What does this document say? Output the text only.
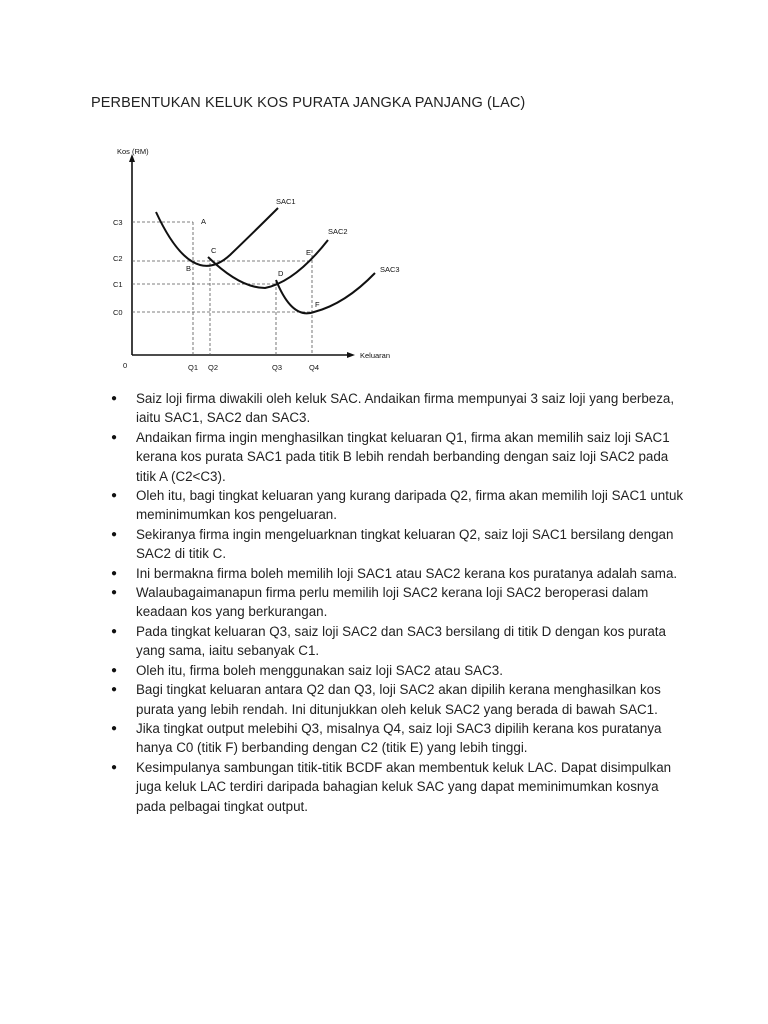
PERBENTUKAN KELUK KOS PURATA JANGKA PANJANG (LAC)
Kos (RM)
Keluaran
0
C3
C2
C1
C0
Q1 Q2	Q3	Q4
SAC1
SAC2
SAC3
A
B
C
D
E
F
● Saiz loji firma diwakili oleh keluk SAC. Andaikan firma mempunyai 3 saiz loji yang berbeza, iaitu SAC1, SAC2 dan SAC3.
● Andaikan firma ingin menghasilkan tingkat keluaran Q1, firma akan memilih saiz loji SAC1 kerana kos purata SAC1 pada titik B lebih rendah berbanding dengan saiz loji SAC2 pada titik A (C2<C3).
● Oleh itu, bagi tingkat keluaran yang kurang daripada Q2, firma akan memilih loji SAC1 untuk meminimumkan kos pengeluaran.
● Sekiranya firma ingin mengeluarknan tingkat keluaran Q2, saiz loji SAC1 bersilang dengan SAC2 di titik C.
● Ini bermakna firma boleh memilih loji SAC1 atau SAC2 kerana kos puratanya adalah sama.
● Walaubagaimanapun firma perlu memilih loji SAC2 kerana loji SAC2 beroperasi dalam keadaan kos yang berkurangan.
● Pada tingkat keluaran Q3, saiz loji SAC2 dan SAC3 bersilang di titik D dengan kos purata yang sama, iaitu sebanyak C1.
● Oleh itu, firma boleh menggunakan saiz loji SAC2 atau SAC3.
● Bagi tingkat keluaran antara Q2 dan Q3, loji SAC2 akan dipilih kerana menghasilkan kos purata yang lebih rendah. Ini ditunjukkan oleh keluk SAC2 yang berada di bawah SAC1.
● Jika tingkat output melebihi Q3, misalnya Q4, saiz loji SAC3 dipilih kerana kos puratanya hanya C0 (titik F) berbanding dengan C2 (titik E) yang lebih tinggi.
● Kesimpulanya sambungan titik-titik BCDF akan membentuk keluk LAC. Dapat disimpulkan juga keluk LAC terdiri daripada bahagian keluk SAC yang dapat meminimumkan kosnya pada pelbagai tingkat output.
